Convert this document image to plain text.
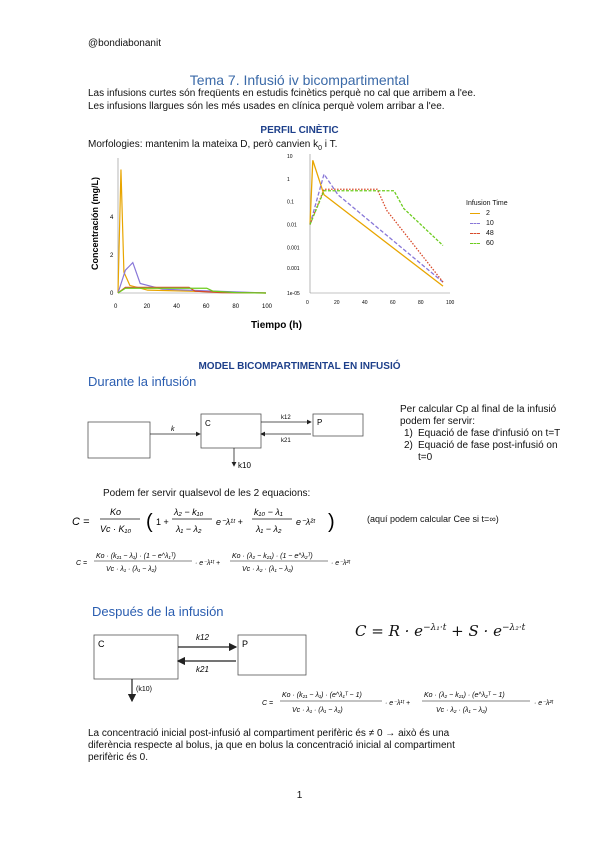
@bondiabonanit
Tema 7. Infusió iv bicompartimental
Las infusions curtes són freqüents en estudis fcinètics perquè no cal que arribem a l'ee.
Les infusions llargues són les més usades en clínica perquè volem arribar a l'ee.
PERFIL CINÈTIC
Morfologies: mantenim la mateixa D, però canvien $k_0$ i T.
Concentración (mg/L)
0	20	40	60	80	100
0
2
4
Tiempo (h)
0	20	40	60	80	100
10
1
0.1
0.01
0.001
0.001
1e-05
Infusion Time
2
10
48
60
MODEL BICOMPARTIMENTAL EN INFUSIÓ
Durante la infusión
k
C
k12
k21
P
k10
Per calcular Cp al final de la infusió
podem fer servir:
1) Equació de fase d'infusió on t=T
2) Equació de fase post-infusió on
t=0
Podem fer servir qualsevol de les 2 equacions:
C =
Ko
Vc · K₁₀ ( 1 +
λ₂ − k₁₀
λ₁ − λ₂
e⁻λ¹ᵗ +
k₁₀ − λ₁
λ₁ − λ₂
e⁻λ²ᵗ )	(aquí podem calcular Cee si t=∞)
C =
Ko · (k₂₁ − λ₁) · (1 − e^λ₁ᵀ)
Vc · λ₁ · (λ₁ − λ₂)
· e⁻λ¹ᵗ +
Ko · (λ₂ − k₂₁) · (1 − e^λ₂ᵀ)
Vc · λ₂ · (λ₁ − λ₂)
· e⁻λ²ᵗ
Después de la infusión
C
k12
k21
P
(k10)
$C = R \cdot e^{-\lambda_1\cdot t} + S \cdot e^{-\lambda_2\cdot t}$
C =
Ko · (k₂₁ − λ₁) · (e^λ₁ᵀ − 1)
Vc · λ₁ · (λ₁ − λ₂)
· e⁻λ¹ᵗ +
Ko · (λ₂ − k₂₁) · (e^λ₂ᵀ − 1)
Vc · λ₂ · (λ₁ − λ₂)
· e⁻λ²ᵗ
La concentració inicial post-infusió al compartiment perifèric és ≠ 0 → això és una
diferència respecte al bolus, ja que en bolus la concentració inicial al compartiment
perifèric és 0.
1
